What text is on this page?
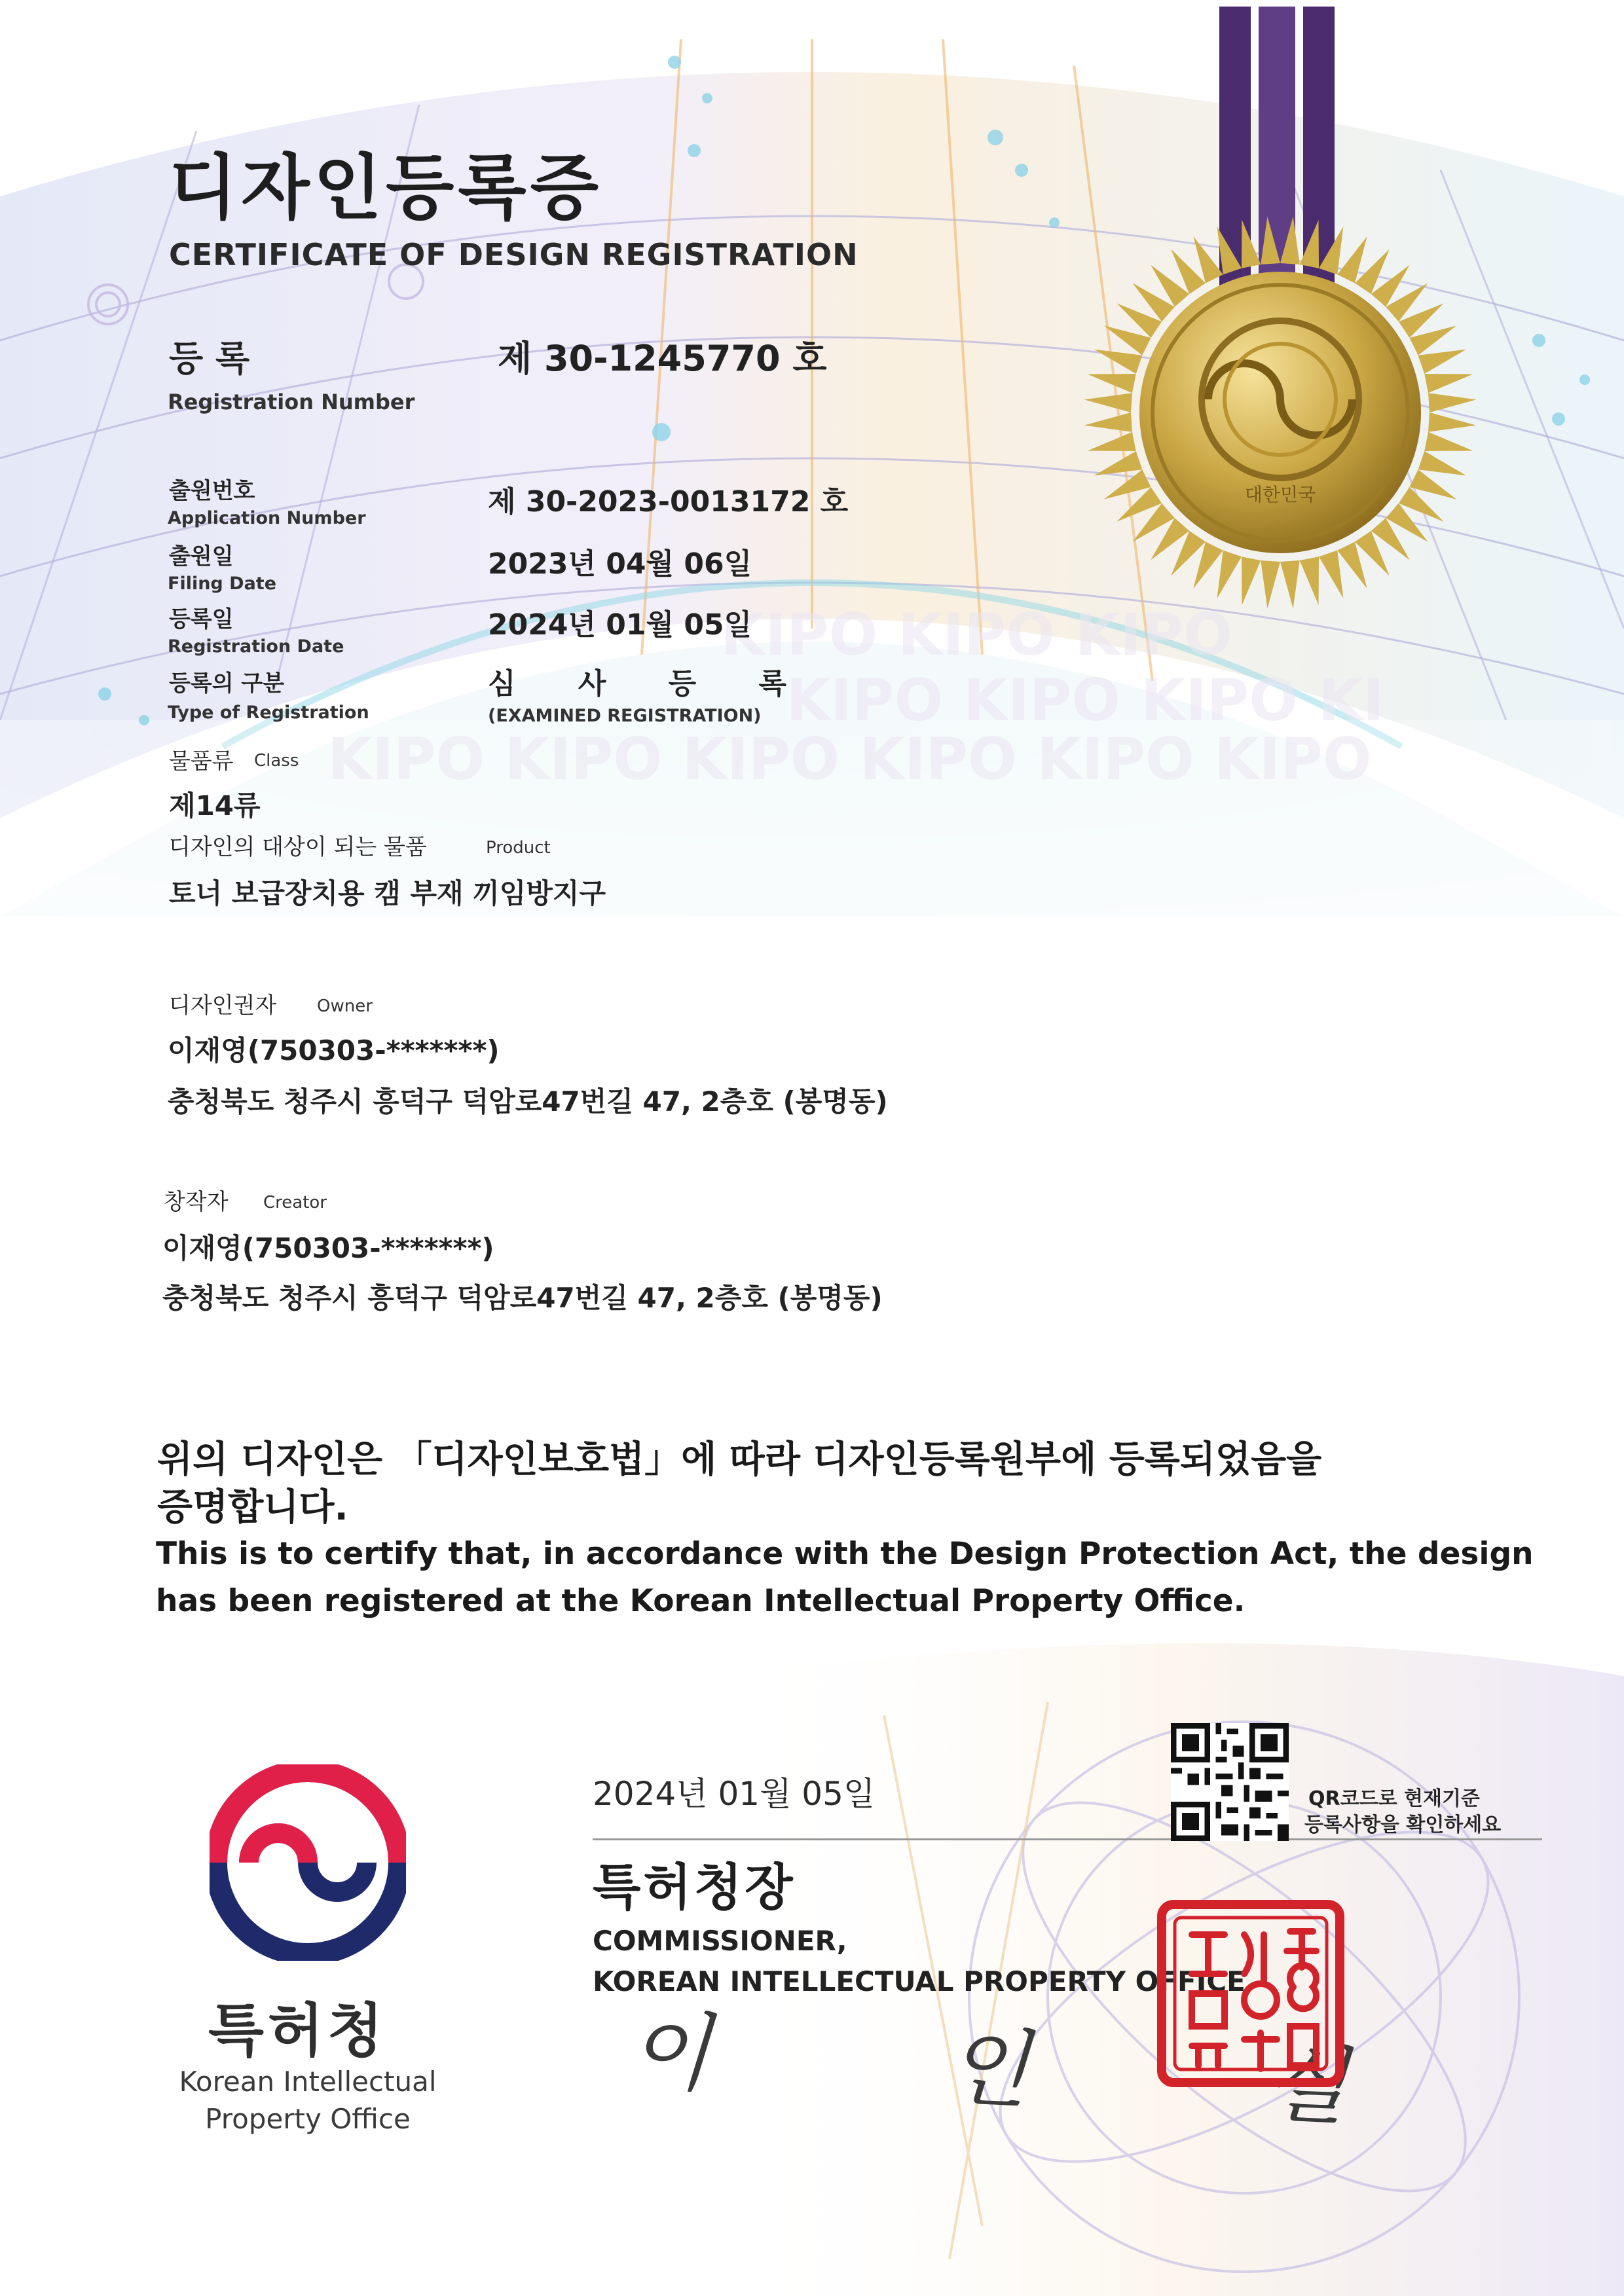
KIPO KIPO KIPO
KIPO KIPO KIPO KI
KIPO KIPO KIPO KIPO KIPO KIPO
대한민국
디자인등록증
CERTIFICATE OF DESIGN REGISTRATION
등 록
Registration Number
제 30-1245770 호
출원번호
Application Number	제 30-2023-0013172 호
출원일
Filing Date
2023년 04월 06일
등록일
Registration Date
2024년 01월 05일
등록의 구분
Type of Registration
심 사 등 록
(EXAMINED REGISTRATION)
물품류 Class
제14류
디자인의 대상이 되는 물품	Product
토너 보급장치용 캠 부재 끼임방지구
디자인권자 Owner
이재영(750303-*******)
충청북도 청주시 흥덕구 덕암로47번길 47, 2층호 (봉명동)
창작자 Creator
이재영(750303-*******)
충청북도 청주시 흥덕구 덕암로47번길 47, 2층호 (봉명동)
위의 디자인은 「디자인보호법」에 따라 디자인등록원부에 등록되었음을
증명합니다.
This is to certify that, in accordance with the Design Protection Act, the design
has been registered at the Korean Intellectual Property Office.
특허청
Korean Intellectual
Property Office
2024년 01월 05일	QR코드로 현재기준
등록사항을 확인하세요
특허청장
COMMISSIONER,
KOREAN INTELLECTUAL PROPERTY OFFICE
이 인 실
